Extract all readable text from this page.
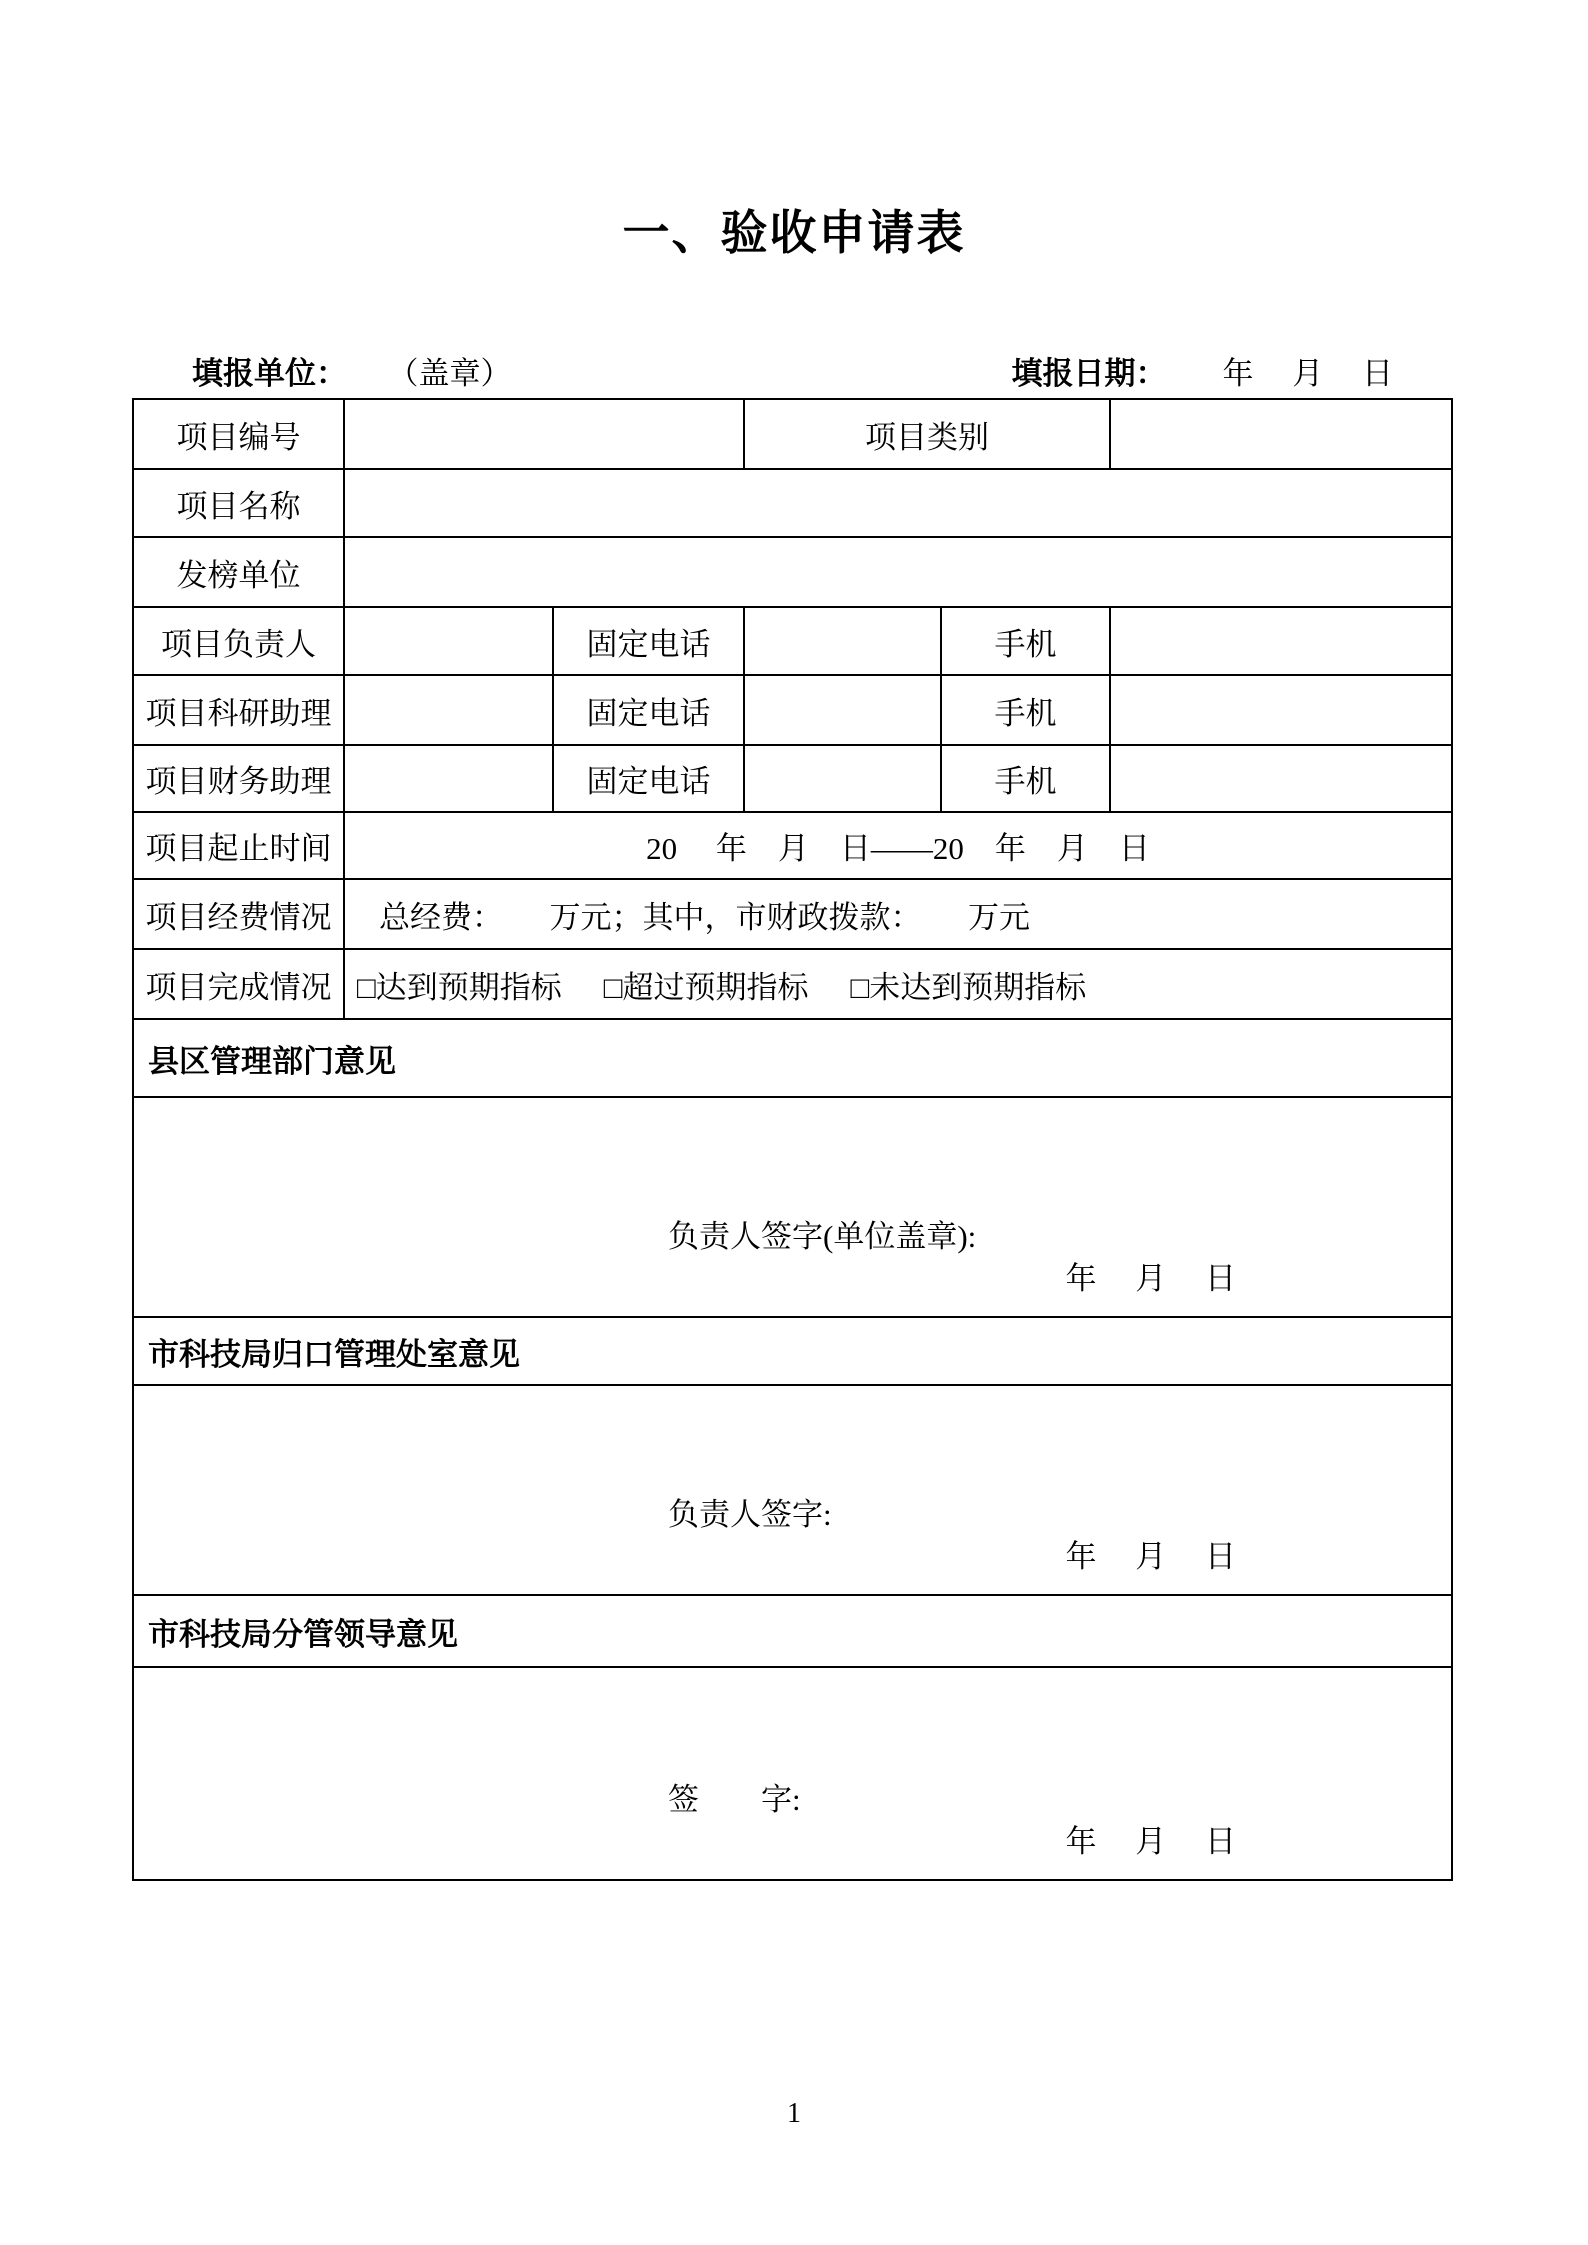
一、验收申请表
填报单位： （盖章）	填报日期： 年　 月　 日
项目编号	项目类别
项目名称
发榜单位
项目负责人	固定电话	手机
项目科研助理	固定电话	手机
项目财务助理	固定电话	手机
项目起止时间	20　 年　月　日——20　年　月　日
项目经费情况	总经费：　　万元；其中，市财政拨款：　　万元
项目完成情况 □达到预期指标 □超过预期指标 □未达到预期指标
县区管理部门意见
负责人签字(单位盖章):
年　 月　 日
市科技局归口管理处室意见
负责人签字:
年　 月　 日
市科技局分管领导意见
签　　字:
年　 月　 日
1
